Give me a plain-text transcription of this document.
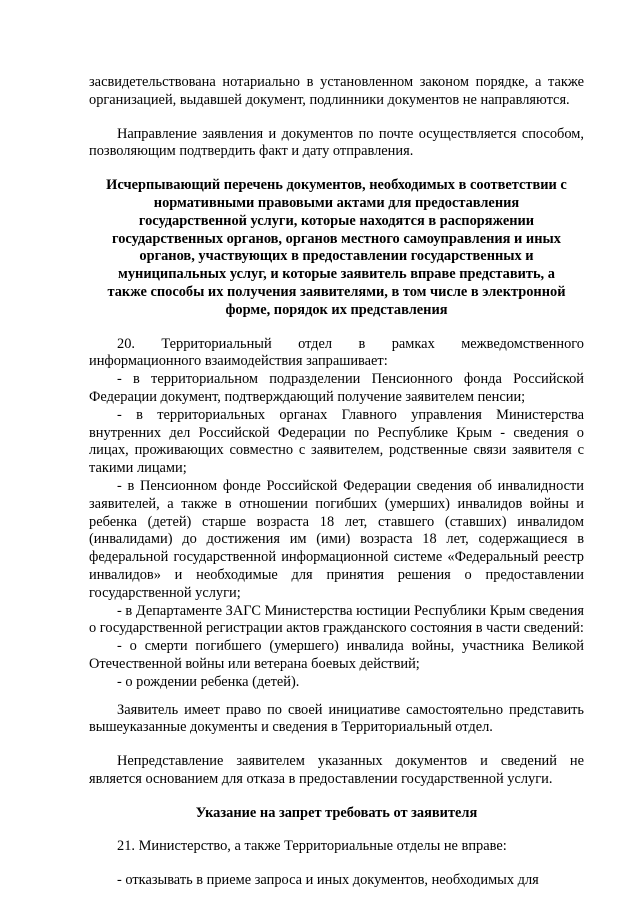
засвидетельствована нотариально в установленном законом порядке, а также организацией, выдавшей документ, подлинники документов не направляются.

Направление заявления и документов по почте осуществляется способом, позволяющим подтвердить факт и дату отправления.

Исчерпывающий перечень документов, необходимых в соответствии с нормативными правовыми актами для предоставления государственной услуги, которые находятся в распоряжении государственных органов, органов местного самоуправления и иных органов, участвующих в предоставлении государственных и муниципальных услуг, и которые заявитель вправе представить, а также способы их получения заявителями, в том числе в электронной форме, порядок их представления

20. Территориальный отдел в рамках межведомственного информационного взаимодействия запрашивает:

- в территориальном подразделении Пенсионного фонда Российской Федерации документ, подтверждающий получение заявителем пенсии;

- в территориальных органах Главного управления Министерства внутренних дел Российской Федерации по Республике Крым - сведения о лицах, проживающих совместно с заявителем, родственные связи заявителя с такими лицами;

- в Пенсионном фонде Российской Федерации сведения об инвалидности заявителей, а также в отношении погибших (умерших) инвалидов войны и ребенка (детей) старше возраста 18 лет, ставшего (ставших) инвалидом (инвалидами) до достижения им (ими) возраста 18 лет, содержащиеся в федеральной государственной информационной системе «Федеральный реестр инвалидов» и необходимые для принятия решения о предоставлении государственной услуги;

- в Департаменте ЗАГС Министерства юстиции Республики Крым сведения о государственной регистрации актов гражданского состояния в части сведений:

- о смерти погибшего (умершего) инвалида войны, участника Великой Отечественной войны или ветерана боевых действий;

- о рождении ребенка (детей).

Заявитель имеет право по своей инициативе самостоятельно представить вышеуказанные документы и сведения в Территориальный отдел.

Непредставление заявителем указанных документов и сведений не является основанием для отказа в предоставлении государственной услуги.

Указание на запрет требовать от заявителя

21. Министерство, а также Территориальные отделы не вправе:

- отказывать в приеме запроса и иных документов, необходимых для
